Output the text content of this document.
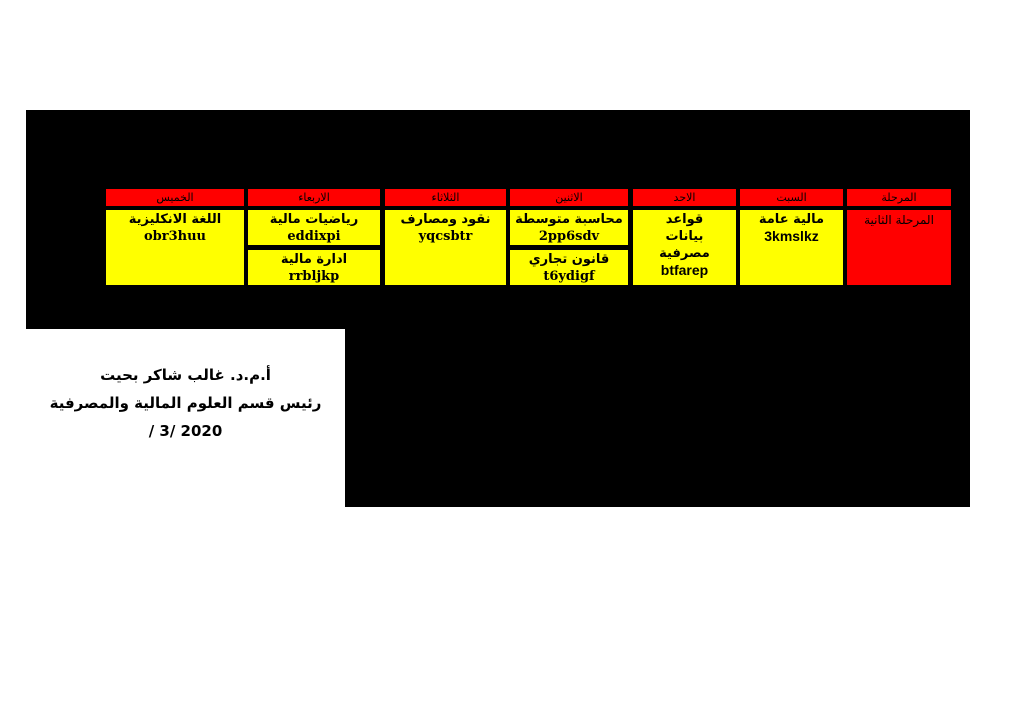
المرحلة
السبت
الاحد
الاثنين
الثلاثاء
الاربعاء
الخميس
المرحلة الثانية
مالية عامة
3kmslkz
قواعد بيانات مصرفية
btfarep
محاسبة متوسطة
2pp6sdv
قانون تجاري
t6ydigf
نقود ومصارف
yqcsbtr
رياضيات مالية
eddixpi
ادارة مالية
rrbljkp
اللغة الانكليزية
obr3huu
أ.م.د. غالب شاكر بحيت
رئيس قسم العلوم المالية والمصرفية
/ 3/ 2020
